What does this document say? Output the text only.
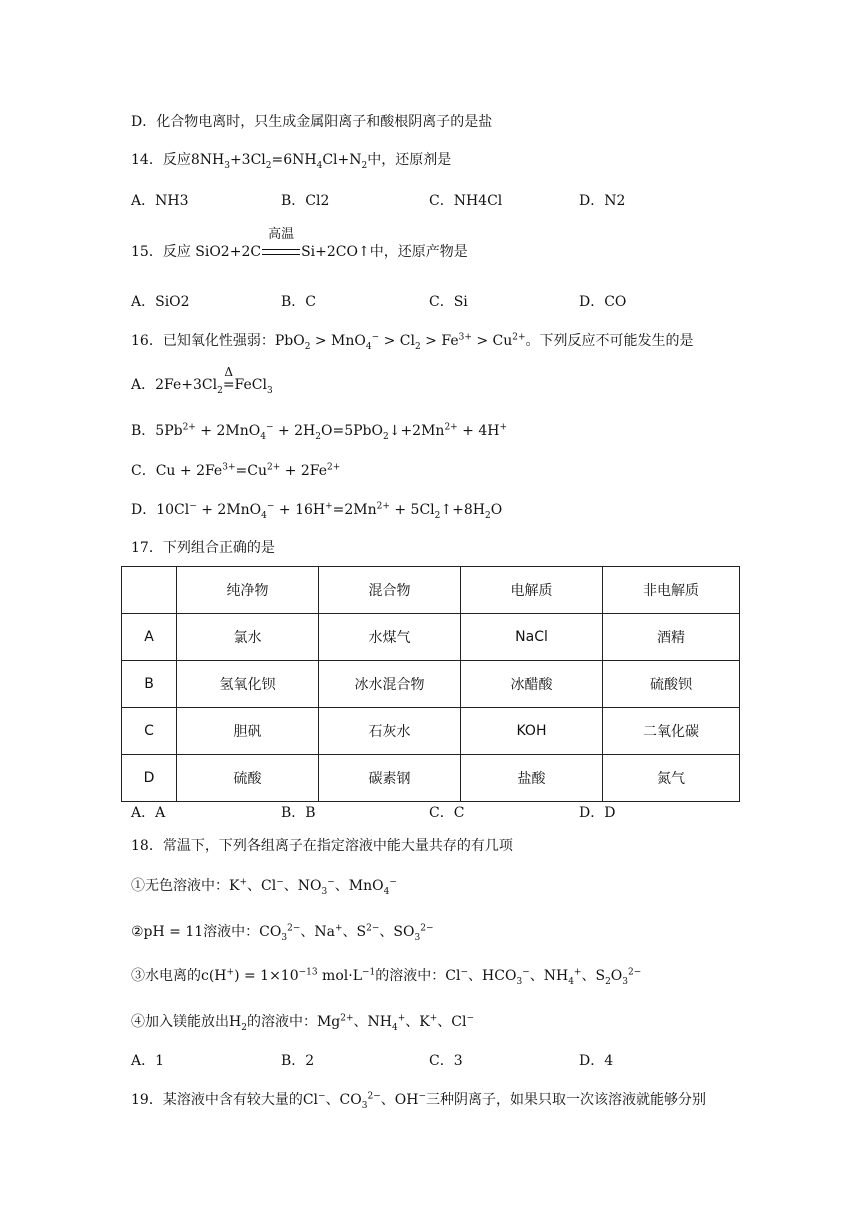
D．化合物电离时，只生成金属阳离子和酸根阴离子的是盐
14．反应$8NH_3+3Cl_2=6NH_4Cl+N_2$中，还原剂是
A．NH3	B．Cl2	C．NH4Cl	D．N2
15．反应 SiO2+2C
高温
Si+2CO↑中，还原产物是
A．SiO2	B．C	C．Si	D．CO
16．已知氧化性强弱：$PbO_2 > MnO_4^- > Cl_2 > Fe^{3+} > Cu^{2+}$。下列反应不可能发生的是
A．$2Fe+3Cl_2$
Δ
=FeCl$_3$
B．$5Pb^{2+} + 2MnO_4^-$ + $2H_2O=5PbO_2↓+2Mn^{2+} + 4H^+$
C．$Cu + 2Fe^{3+}=Cu^{2+} + 2Fe^{2+}$
D．$10Cl^- + 2MnO_4^- + 16H^+=2Mn^{2+}$ + $5Cl_2↑+8H_2O$
17．下列组合正确的是
	纯净物	混合物	电解质	非电解质
A	氯水	水煤气	NaCl	酒精
B	氢氧化钡	冰水混合物	冰醋酸	硫酸钡
C	胆矾	石灰水	KOH	二氧化碳
D	硫酸	碳素钢	盐酸	氮气
A．A	B．B	C．C	D．D
18．常温下，下列各组离子在指定溶液中能大量共存的有几项
①无色溶液中：K+、Cl−、$NO_3^-$、MnO$_4$−
②pH = 11溶液中：$CO_3^{2-}$、Na+、$S^{2-}$、$SO_3^{2-}$
③水电离的$c(H^+) = 1\times 10^{-13}$ $mol\cdot L^{-1}$的溶液中：Cl−、$HCO_3^-$、$NH_4^+$、$S_2O_3^{2-}$
④加入镁能放出$H_2$的溶液中：$Mg^{2+}$、$NH_4^+$、K+、Cl−
A．1	B．2	C．3	D．4
19．某溶液中含有较大量的Cl−、$CO_3^{2-}$、OH−三种阴离子，如果只取一次该溶液就能够分别
